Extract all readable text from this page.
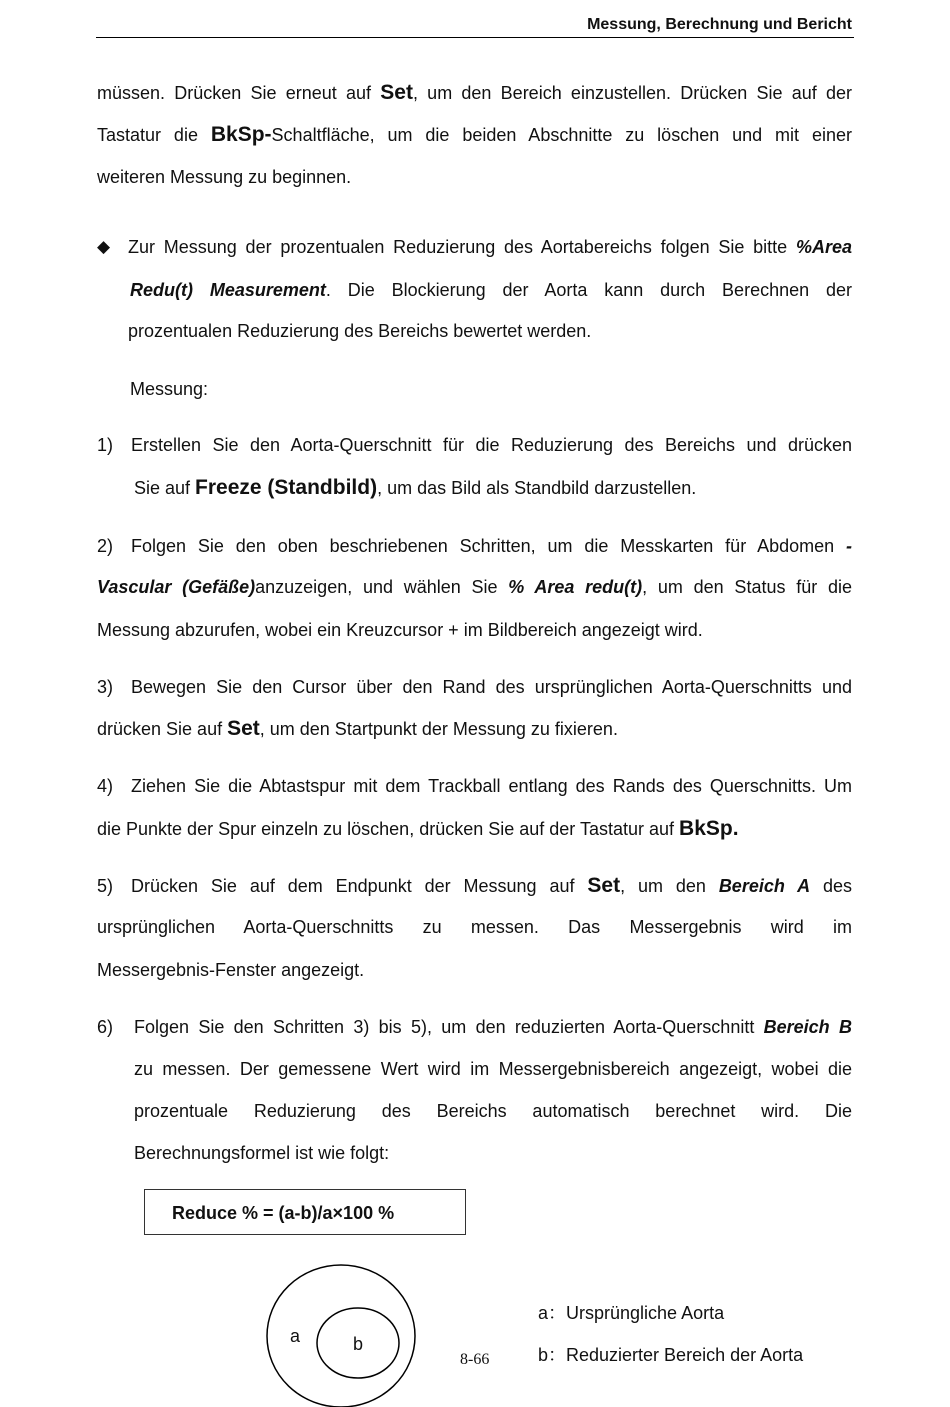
Messung, Berechnung und Bericht
müssen. Drücken Sie erneut auf Set, um den Bereich einzustellen. Drücken Sie auf der
Tastatur die BkSp-Schaltfläche, um die beiden Abschnitte zu löschen und mit einer
weiteren Messung zu beginnen.
◆ Zur Messung der prozentualen Reduzierung des Aortabereichs folgen Sie bitte %Area
Redu(t) Measurement. Die Blockierung der Aorta kann durch Berechnen der
prozentualen Reduzierung des Bereichs bewertet werden.
Messung:
1) Erstellen Sie den Aorta-Querschnitt für die Reduzierung des Bereichs und drücken
Sie auf Freeze (Standbild), um das Bild als Standbild darzustellen.
2) Folgen Sie den oben beschriebenen Schritten, um die Messkarten für Abdomen -
Vascular (Gefäße)anzuzeigen, und wählen Sie % Area redu(t), um den Status für die
Messung abzurufen, wobei ein Kreuzcursor + im Bildbereich angezeigt wird.
3) Bewegen Sie den Cursor über den Rand des ursprünglichen Aorta-Querschnitts und
drücken Sie auf Set, um den Startpunkt der Messung zu fixieren.
4) Ziehen Sie die Abtastspur mit dem Trackball entlang des Rands des Querschnitts. Um
die Punkte der Spur einzeln zu löschen, drücken Sie auf der Tastatur auf BkSp.
5) Drücken Sie auf dem Endpunkt der Messung auf Set, um den Bereich A des
ursprünglichen Aorta-Querschnitts zu messen. Das Messergebnis wird im
Messergebnis-Fenster angezeigt.
6) Folgen Sie den Schritten 3) bis 5), um den reduzierten Aorta-Querschnitt Bereich B
zu messen. Der gemessene Wert wird im Messergebnisbereich angezeigt, wobei die
prozentuale Reduzierung des Bereichs automatisch berechnet wird. Die
Berechnungsformel ist wie folgt:
Reduce % = (a-b)/a×100 %
a	b
a：Ursprüngliche Aorta
b：Reduzierter Bereich der Aorta
8-66
